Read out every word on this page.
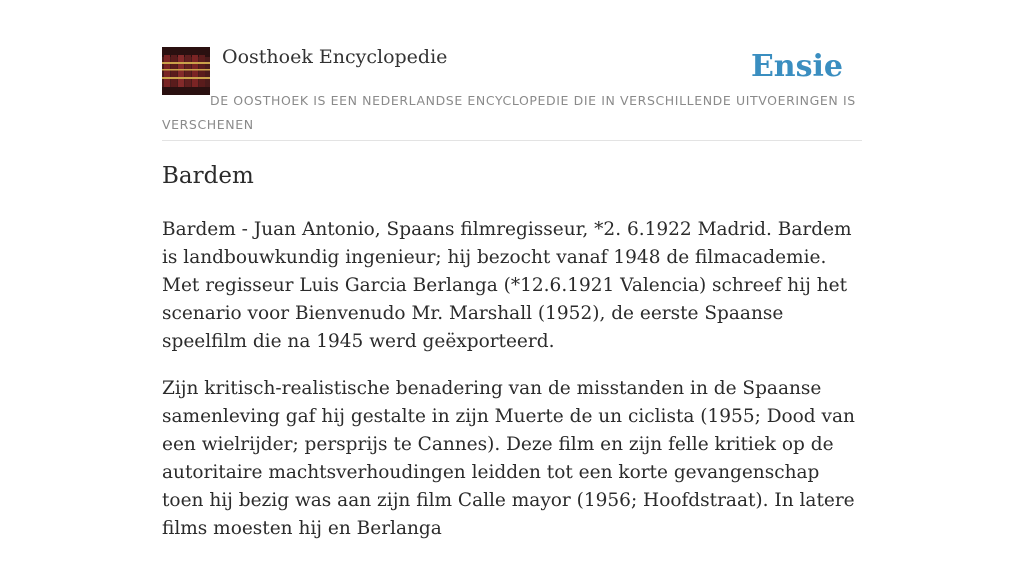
Oosthoek Encyclopedie	Ensie
DE OOSTHOEK IS EEN NEDERLANDSE ENCYCLOPEDIE DIE IN VERSCHILLENDE UITVOERINGEN IS VERSCHENEN
Bardem

Bardem - Juan Antonio, Spaans filmregisseur, *2. 6.1922 Madrid. Bardem is landbouwkundig ingenieur; hij bezocht vanaf 1948 de filmacademie. Met regisseur Luis Garcia Berlanga (*12.6.1921 Valencia) schreef hij het scenario voor Bienvenudo Mr. Marshall (1952), de eerste Spaanse speelfilm die na 1945 werd geëxporteerd.

Zijn kritisch-realistische benadering van de misstanden in de Spaanse samenleving gaf hij gestalte in zijn Muerte de un ciclista (1955; Dood van een wielrijder; persprijs te Cannes). Deze film en zijn felle kritiek op de autoritaire machtsverhoudingen leidden tot een korte gevangenschap toen hij bezig was aan zijn film Calle mayor (1956; Hoofdstraat). In latere films moesten hij en Berlanga
